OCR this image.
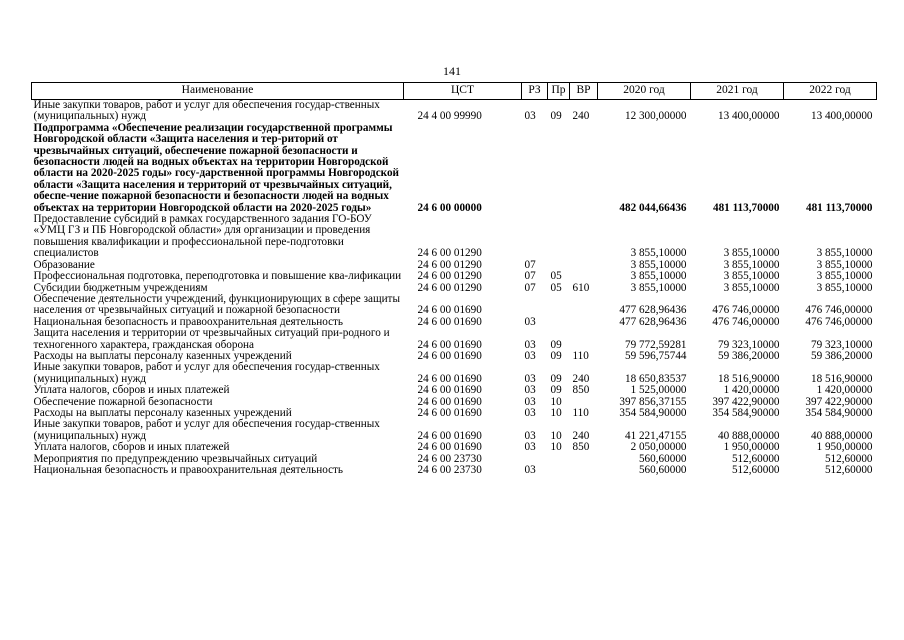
141
Наименование	ЦСТ	РЗ	Пр	ВР	2020 год	2021 год	2022 год
Иные закупки товаров, работ и услуг для обеспечения государ-ственных (муниципальных) нужд	24 4 00 99990	03	09	240	12 300,00000	13 400,00000	13 400,00000
Подпрограмма «Обеспечение реализации государственной программы Новгородской области «Защита населения и тер-риторий от чрезвычайных ситуаций, обеспечение пожарной безопасности и безопасности людей на водных объектах на территории Новгородской области на 2020-2025 годы» госу-дарственной программы Новгородской области «Защита населения и территорий от чрезвычайных ситуаций, обеспе-чение пожарной безопасности и безопасности людей на водных объектах на территории Новгородской области на 2020-2025 годы»	24 6 00 00000				482 044,66436	481 113,70000	481 113,70000
Предоставление субсидий в рамках государственного задания ГО-БОУ «УМЦ ГЗ и ПБ Новгородской области» для организации и проведения повышения квалификации и профессиональной пере-подготовки специалистов	24 6 00 01290				3 855,10000	3 855,10000	3 855,10000
Образование	24 6 00 01290	07			3 855,10000	3 855,10000	3 855,10000
Профессиональная подготовка, переподготовка и повышение ква-лификации	24 6 00 01290	07	05		3 855,10000	3 855,10000	3 855,10000
Субсидии бюджетным учреждениям	24 6 00 01290	07	05	610	3 855,10000	3 855,10000	3 855,10000
Обеспечение деятельности учреждений, функционирующих в сфере защиты населения от чрезвычайных ситуаций и пожарной безопасности	24 6 00 01690				477 628,96436	476 746,00000	476 746,00000
Национальная безопасность и правоохранительная деятельность	24 6 00 01690	03			477 628,96436	476 746,00000	476 746,00000
Защита населения и территории от чрезвычайных ситуаций при-родного и техногенного характера, гражданская оборона	24 6 00 01690	03	09		79 772,59281	79 323,10000	79 323,10000
Расходы на выплаты персоналу казенных учреждений	24 6 00 01690	03	09	110	59 596,75744	59 386,20000	59 386,20000
Иные закупки товаров, работ и услуг для обеспечения государ-ственных (муниципальных) нужд	24 6 00 01690	03	09	240	18 650,83537	18 516,90000	18 516,90000
Уплата налогов, сборов и иных платежей	24 6 00 01690	03	09	850	1 525,00000	1 420,00000	1 420,00000
Обеспечение пожарной безопасности	24 6 00 01690	03	10		397 856,37155	397 422,90000	397 422,90000
Расходы на выплаты персоналу казенных учреждений	24 6 00 01690	03	10	110	354 584,90000	354 584,90000	354 584,90000
Иные закупки товаров, работ и услуг для обеспечения государ-ственных (муниципальных) нужд	24 6 00 01690	03	10	240	41 221,47155	40 888,00000	40 888,00000
Уплата налогов, сборов и иных платежей	24 6 00 01690	03	10	850	2 050,00000	1 950,00000	1 950,00000
Мероприятия по предупреждению чрезвычайных ситуаций	24 6 00 23730				560,60000	512,60000	512,60000
Национальная безопасность и правоохранительная деятельность	24 6 00 23730	03			560,60000	512,60000	512,60000
